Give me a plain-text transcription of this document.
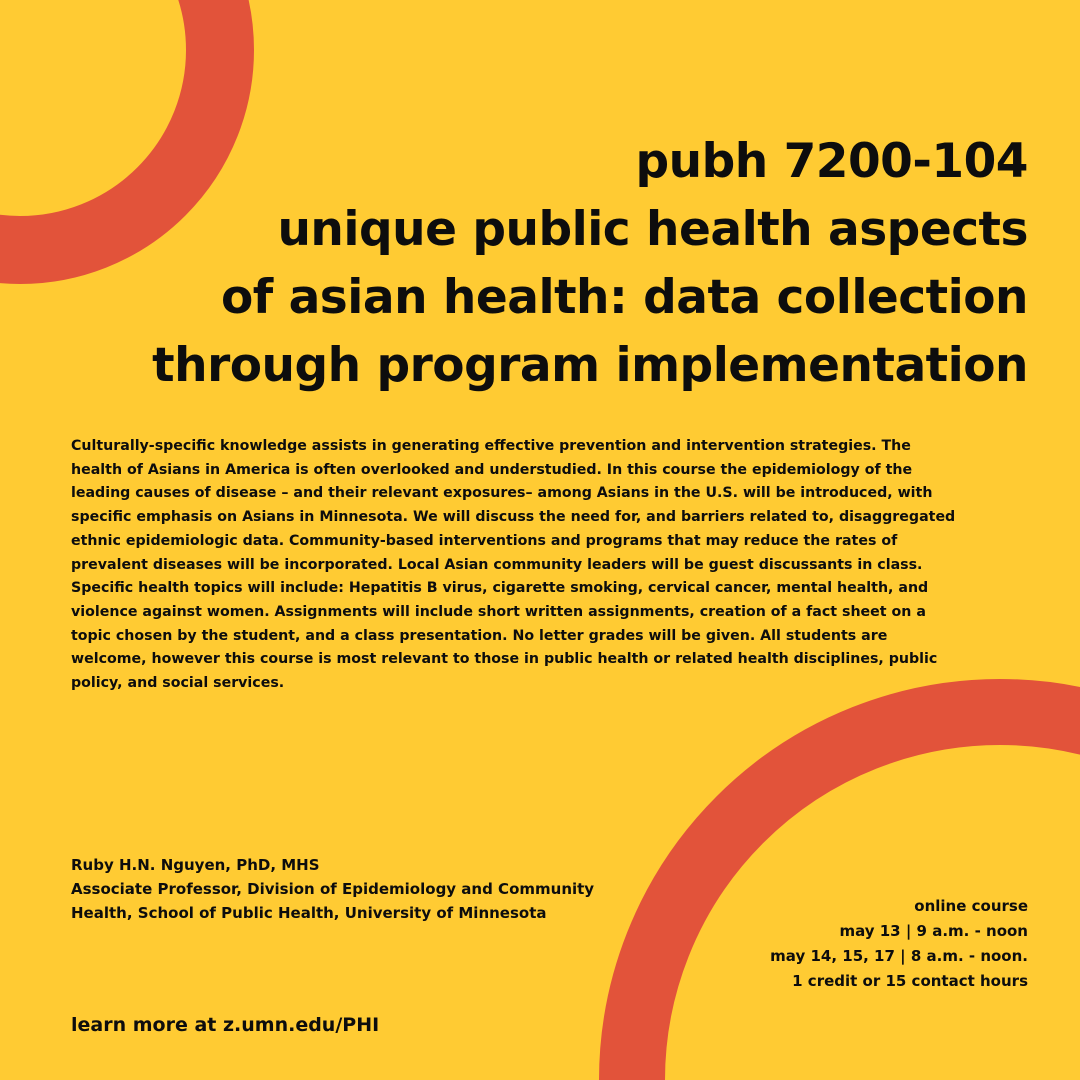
pubh 7200-104
unique public health aspects
of asian health: data collection
through program implementation

Culturally-specific knowledge assists in generating effective prevention and intervention strategies. The health of Asians in America is often overlooked and understudied. In this course the epidemiology of the leading causes of disease – and their relevant exposures– among Asians in the U.S. will be introduced, with specific emphasis on Asians in Minnesota. We will discuss the need for, and barriers related to, disaggregated ethnic epidemiologic data. Community-based interventions and programs that may reduce the rates of prevalent diseases will be incorporated. Local Asian community leaders will be guest discussants in class. Specific health topics will include: Hepatitis B virus, cigarette smoking, cervical cancer, mental health, and violence against women. Assignments will include short written assignments, creation of a fact sheet on a topic chosen by the student, and a class presentation. No letter grades will be given. All students are welcome, however this course is most relevant to those in public health or related health disciplines, public policy, and social services.

Ruby H.N. Nguyen, PhD, MHS
Associate Professor, Division of Epidemiology and Community Health, School of Public Health, University of Minnesota	online course
may 13 | 9 a.m. - noon
may 14, 15, 17 | 8 a.m. - noon.
1 credit or 15 contact hours
learn more at z.umn.edu/PHI
